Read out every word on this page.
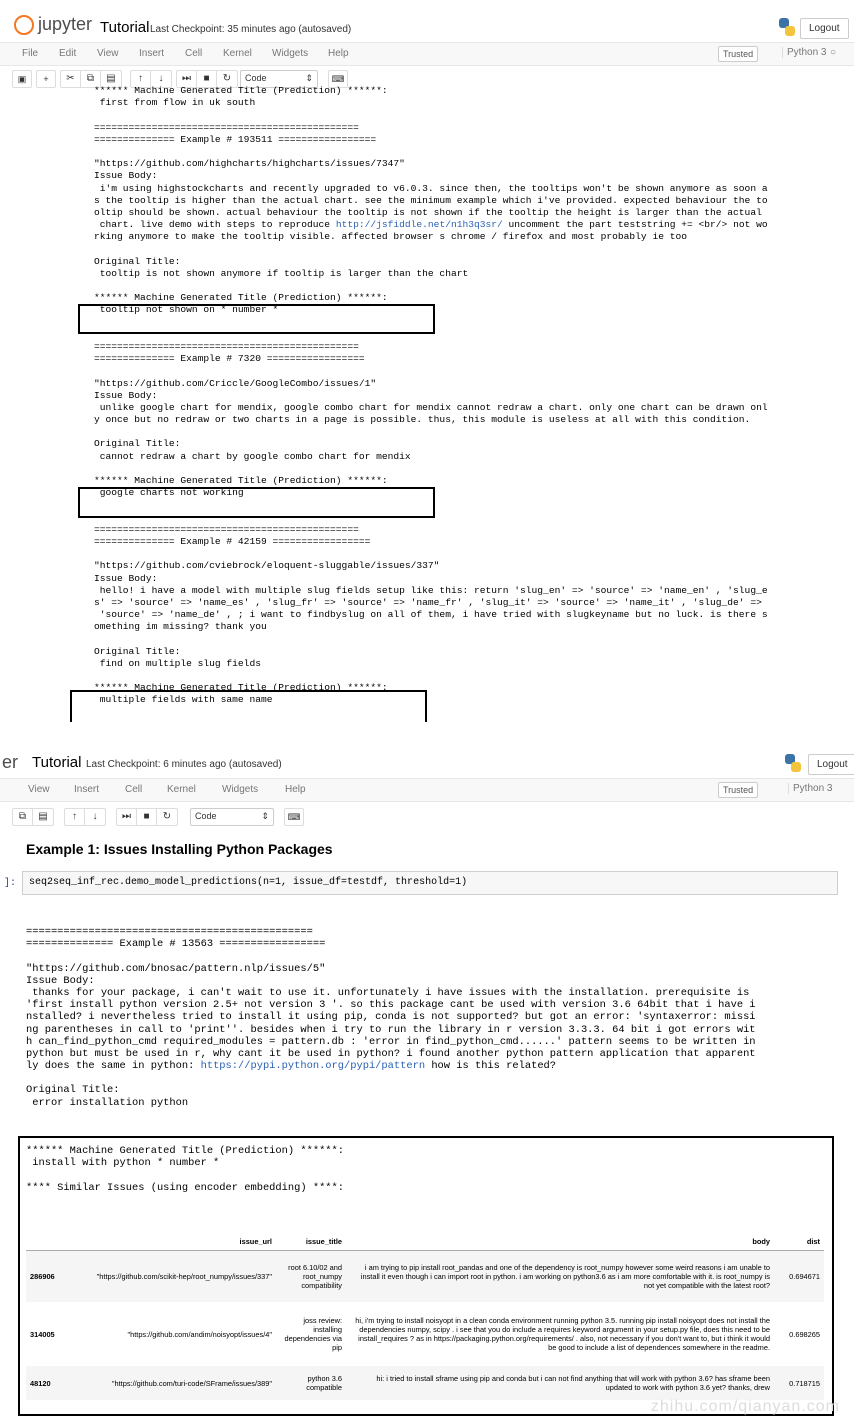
jupyter Tutorial Last Checkpoint: 35 minutes ago (autosaved)	Logout
File Edit View Insert Cell Kernel Widgets Help	Trusted	Python 3 ○
▣	+	✂	⧉	▤	↑	↓	⏭	■	↻	Code	⇕	⌨
****** Machine Generated Title (Prediction) ******:
first from flow in uk south
==============================================
============== Example # 193511 =================
"https://github.com/highcharts/highcharts/issues/7347"
Issue Body:
i'm using highstockcharts and recently upgraded to v6.0.3. since then, the tooltips won't be shown anymore as soon a
s the tooltip is higher than the actual chart. see the minimum example which i've provided. expected behaviour the to
oltip should be shown. actual behaviour the tooltip is not shown if the tooltip the height is larger than the actual
chart. live demo with steps to reproduce http://jsfiddle.net/n1h3q3sr/ uncomment the part teststring += <br/> not wo
rking anymore to make the tooltip visible. affected browser s chrome / firefox and most probably ie too
Original Title:
tooltip is not shown anymore if tooltip is larger than the chart
****** Machine Generated Title (Prediction) ******:
tooltip not shown on * number *
==============================================
============== Example # 7320 =================
"https://github.com/Criccle/GoogleCombo/issues/1"
Issue Body:
unlike google chart for mendix, google combo chart for mendix cannot redraw a chart. only one chart can be drawn onl
y once but no redraw or two charts in a page is possible. thus, this module is useless at all with this condition.
Original Title:
cannot redraw a chart by google combo chart for mendix
****** Machine Generated Title (Prediction) ******:
google charts not working
==============================================
============== Example # 42159 =================
"https://github.com/cviebrock/eloquent-sluggable/issues/337"
Issue Body:
hello! i have a model with multiple slug fields setup like this: return 'slug_en' => 'source' => 'name_en' , 'slug_e
s' => 'source' => 'name_es' , 'slug_fr' => 'source' => 'name_fr' , 'slug_it' => 'source' => 'name_it' , 'slug_de' =>
'source' => 'name_de' , ; i want to findbyslug on all of them, i have tried with slugkeyname but no luck. is there s
omething im missing? thank you
Original Title:
find on multiple slug fields
****** Machine Generated Title (Prediction) ******:
multiple fields with same name
er Tutorial Last Checkpoint: 6 minutes ago (autosaved)	Logout
View Insert	Cell Kernel	Widgets	Help	Trusted	Python 3
⧉	▤	↑	↓	⏭	■	↻	Code	⇕	⌨
Example 1: Issues Installing Python Packages
]:	seq2seq_inf_rec.demo_model_predictions(n=1, issue_df=testdf, threshold=1)
==============================================
============== Example # 13563 =================
"https://github.com/bnosac/pattern.nlp/issues/5"
Issue Body:
thanks for your package, i can't wait to use it. unfortunately i have issues with the installation. prerequisite is
'first install python version 2.5+ not version 3 '. so this package cant be used with version 3.6 64bit that i have i
nstalled? i nevertheless tried to install it using pip, conda is not supported? but got an error: 'syntaxerror: missi
ng parentheses in call to 'print''. besides when i try to run the library in r version 3.3.3. 64 bit i got errors wit
h can_find_python_cmd required_modules = pattern.db : 'error in find_python_cmd......' pattern seems to be written in
python but must be used in r, why cant it be used in python? i found another python pattern application that apparent
ly does the same in python: https://pypi.python.org/pypi/pattern how is this related?
Original Title:
error installation python
****** Machine Generated Title (Prediction) ******:
install with python * number *
**** Similar Issues (using encoder embedding) ****:
	issue_url	issue_title	body	dist
286906	"https://github.com/scikit-hep/root_numpy/issues/337"	root 6.10/02 and root_numpy compatibility	i am trying to pip install root_pandas and one of the dependency is root_numpy however some weird reasons i am unable to install it even though i can import root in python. i am working on python3.6 as i am more comfortable with it. is root_numpy is not yet compatible with the latest root?	0.694671
314005	"https://github.com/andim/noisyopt/issues/4"	joss review: installing dependencies via pip	hi, i'm trying to install noisyopt in a clean conda environment running python 3.5. running pip install noisyopt does not install the dependencies numpy, scipy . i see that you do include a requires keyword argument in your setup.py file, does this need to be install_requires ? as in https://packaging.python.org/requirements/ . also, not necessary if you don't want to, but i think it would be good to include a list of dependences somewhere in the readme.	0.698265
48120	"https://github.com/turi-code/SFrame/issues/389"	python 3.6 compatible	hi: i tried to install sframe using pip and conda but i can not find anything that will work with python 3.6? has sframe been updated to work with python 3.6 yet? thanks, drew	0.718715
zhihu.com/qianyan.com
